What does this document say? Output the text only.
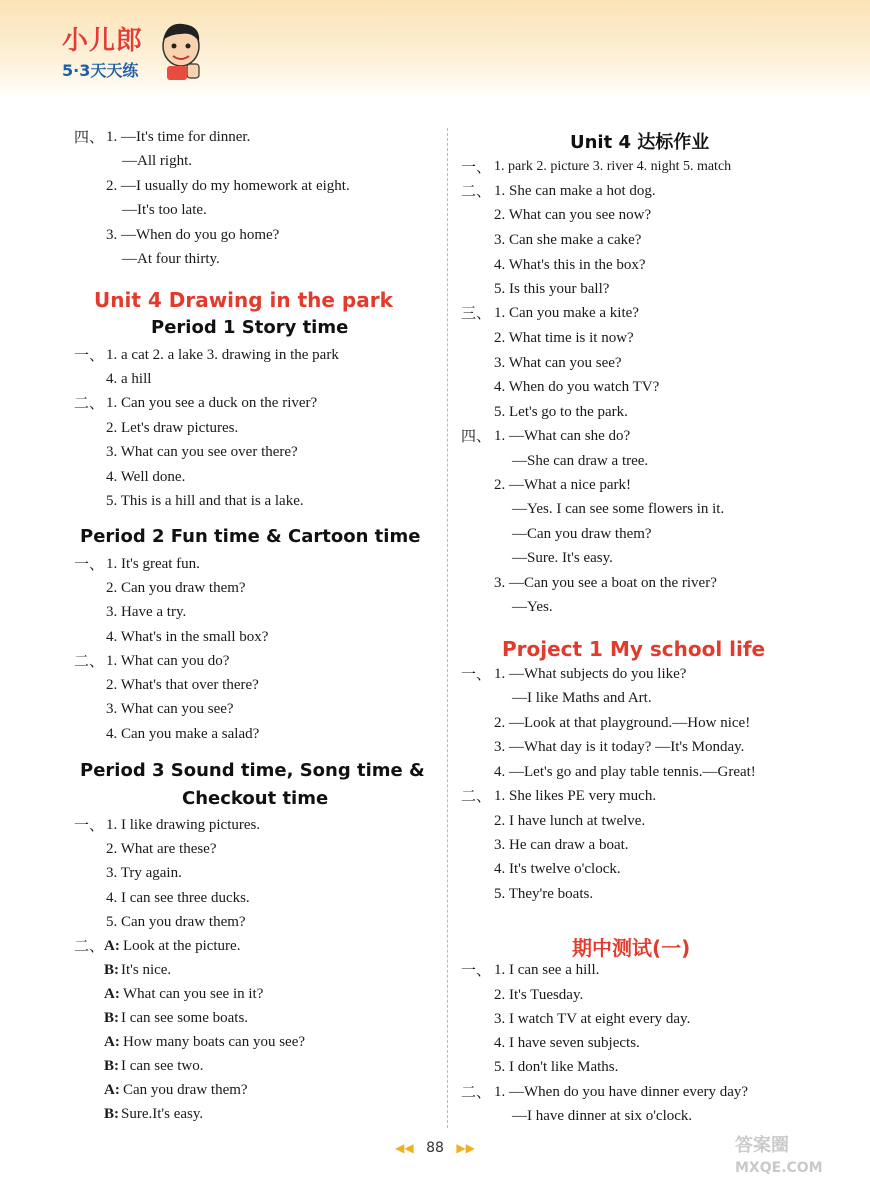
小儿郎
5·3天天练
四、 1. —It's time for dinner.
—All right.
2. —I usually do my homework at eight.
—It's too late.
3. —When do you go home?
—At four thirty.
Unit 4 Drawing in the park
Period 1 Story time
一、 1. a cat 2. a lake 3. drawing in the park
4. a hill
二、 1. Can you see a duck on the river?
2. Let's draw pictures.
3. What can you see over there?
4. Well done.
5. This is a hill and that is a lake.
Period 2 Fun time & Cartoon time
一、 1. It's great fun.
2. Can you draw them?
3. Have a try.
4. What's in the small box?
二、 1. What can you do?
2. What's that over there?
3. What can you see?
4. Can you make a salad?
Period 3 Sound time, Song time &
Checkout time
一、 1. I like drawing pictures.
2. What are these?
3. Try again.
4. I can see three ducks.
5. Can you draw them?
二、 A: Look at the picture.
B: It's nice.
A: What can you see in it?
B: I can see some boats.
A: How many boats can you see?
B: I can see two.
A: Can you draw them?
B: Sure.It's easy.
Unit 4 达标作业
一、 1. park 2. picture 3. river 4. night 5. match
二、 1. She can make a hot dog.
2. What can you see now?
3. Can she make a cake?
4. What's this in the box?
5. Is this your ball?
三、 1. Can you make a kite?
2. What time is it now?
3. What can you see?
4. When do you watch TV?
5. Let's go to the park.
四、 1. —What can she do?
—She can draw a tree.
2. —What a nice park!
—Yes. I can see some flowers in it.
—Can you draw them?
—Sure. It's easy.
3. —Can you see a boat on the river?
—Yes.
Project 1 My school life
一、 1. —What subjects do you like?
—I like Maths and Art.
2. —Look at that playground.—How nice!
3. —What day is it today? —It's Monday.
4. —Let's go and play table tennis.—Great!
二、 1. She likes PE very much.
2. I have lunch at twelve.
3. He can draw a boat.
4. It's twelve o'clock.
5. They're boats.
期中测试(一)
一、 1. I can see a hill.
2. It's Tuesday.
3. I watch TV at eight every day.
4. I have seven subjects.
5. I don't like Maths.
二、 1. —When do you have dinner every day?
—I have dinner at six o'clock.
◀◀ 88 ▶▶	答案圈
MXQE.COM
